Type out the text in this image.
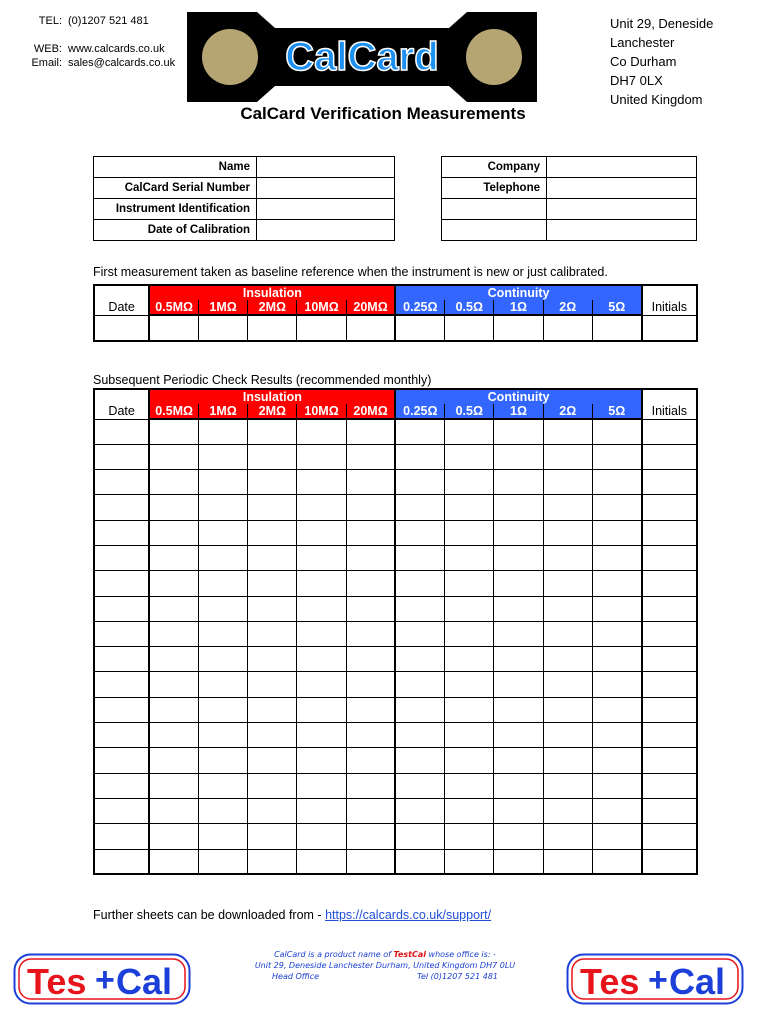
TEL: (0)1207 521 481
WEB: www.calcards.co.uk
Email: sales@calcards.co.uk	CalCard
Unit 29, Deneside
Lanchester
Co Durham
DH7 0LX
United Kingdom
CalCard Verification Measurements
Name	
CalCard Serial Number	
Instrument Identification	
Date of Calibration	
Company	
Telephone	

First measurement taken as baseline reference when the instrument is new or just calibrated.
Date	Insulation					Continuity					Initials
	0.5MΩ	1MΩ	2MΩ	10MΩ	20MΩ	0.25Ω	0.5Ω	1Ω	2Ω	5Ω	

Subsequent Periodic Check Results (recommended monthly)
Date	Insulation					Continuity					Initials
	0.5MΩ	1MΩ	2MΩ	10MΩ	20MΩ	0.25Ω	0.5Ω	1Ω	2Ω	5Ω	

Further sheets can be downloaded from - https://calcards.co.uk/support/
Tes + Cal
CalCard is a product name of TestCal whose office is: -
Unit 29, Deneside Lanchester Durham, United Kingdom DH7 0LU
Head Office	Tel (0)1207 521 481 Tes + Cal
